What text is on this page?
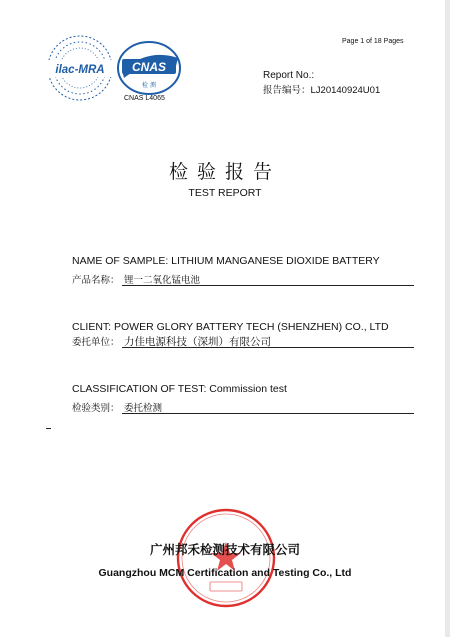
Page 1 of 18 Pages
ilac-MRA CNAS
检 测
CNAS L4065
Report No.:
报告编号：LJ20140924U01
检验报告
TEST REPORT
NAME OF SAMPLE: LITHIUM MANGANESE DIOXIDE BATTERY
产品名称： 锂一二氧化锰电池
CLIENT: POWER GLORY BATTERY TECH (SHENZHEN) CO., LTD
委托单位： 力佳电源科技（深圳）有限公司
CLASSIFICATION OF TEST: Commission test
检验类别： 委托检测
广州邦禾检测技术有限公司
Guangzhou MCM Certification and Testing Co., Ltd
